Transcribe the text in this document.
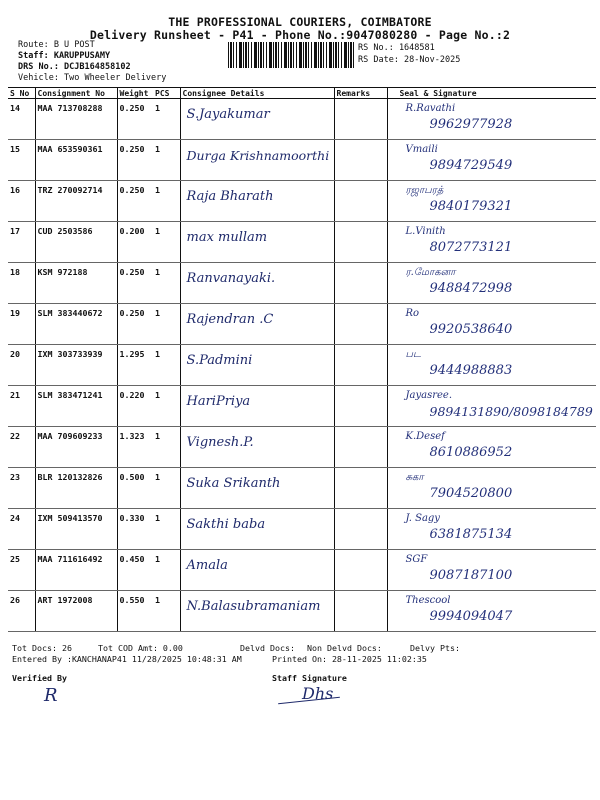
THE PROFESSIONAL COURIERS, COIMBATORE
Delivery Runsheet - P41 - Phone No.:9047080280 - Page No.:2
Route: B U POST
Staff: KARUPPUSAMY
DRS No.: DCJB164858102
Vehicle: Two Wheeler Delivery
RS No.: 1648581
RS Date: 28-Nov-2025
S No	Consignment No	Weight	PCS	Consignee Details	Remarks	Seal & Signature
14	MAA 713708288	0.250	1	S.Jayakumar		R.Ravathi
9962977928

15	MAA 653590361	0.250	1	Durga Krishnamoorthi		Vmaili
9894729549

16	TRZ 270092714	0.250	1	Raja Bharath		ரஜாபரத்
9840179321

17	CUD 2503586	0.200	1	max mullam		L.Vinith
8072773121

18	KSM 972188	0.250	1	Ranvanayaki.		ர.மோகனா
9488472998

19	SLM 383440672	0.250	1	Rajendran .C		Ro
9920538640

20	IXM 303733939	1.295	1	S.Padmini		பட
9444988883

21	SLM 383471241	0.220	1	HariPriya		Jayasree.
9894131890/8098184789

22	MAA 709609233	1.323	1	Vignesh.P.		K.Desef
8610886952

23	BLR 120132826	0.500	1	Suka Srikanth		சுகா
7904520800

24	IXM 509413570	0.330	1	Sakthi baba		J. Sagy
6381875134

25	MAA 711616492	0.450	1	Amala		SGF
9087187100

26	ART 1972008	0.550	1	N.Balasubramaniam		Thescool
9994094047
Tot Docs: 26	Tot COD Amt: 0.00	Delvd Docs: Non Delvd Docs:	Delvy Pts:
Entered By :KANCHANAP41 11/28/2025 10:48:31 AM	Printed On: 28-11-2025 11:02:35
Verified By
R
Staff Signature
Dhs
